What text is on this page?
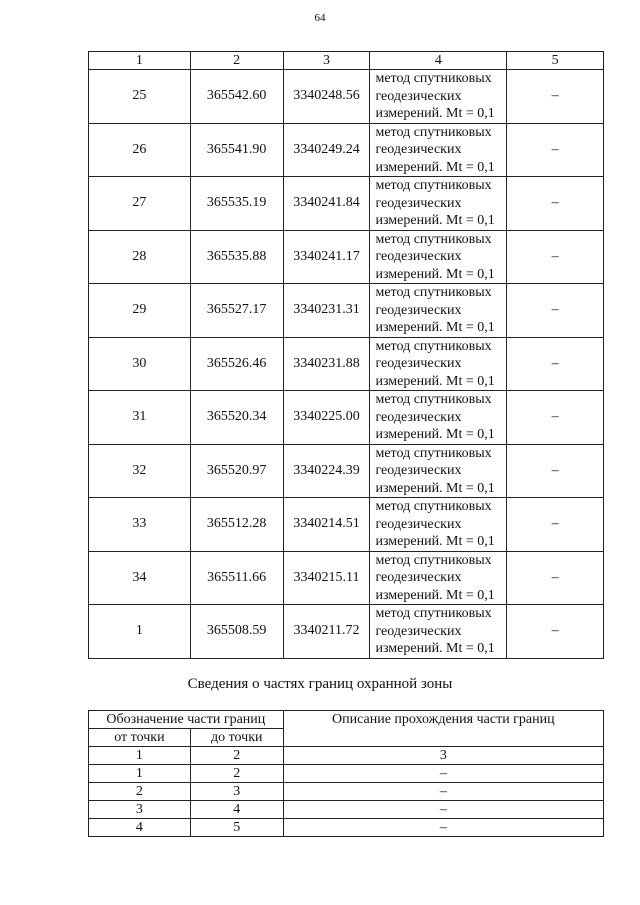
64
1	2	3	4	5
25	365542.60	3340248.56	метод спутниковых
геодезических
измерений. Mt = 0,1	–
26	365541.90	3340249.24	метод спутниковых
геодезических
измерений. Mt = 0,1	–
27	365535.19	3340241.84	метод спутниковых
геодезических
измерений. Mt = 0,1	–
28	365535.88	3340241.17	метод спутниковых
геодезических
измерений. Mt = 0,1	–
29	365527.17	3340231.31	метод спутниковых
геодезических
измерений. Mt = 0,1	–
30	365526.46	3340231.88	метод спутниковых
геодезических
измерений. Mt = 0,1	–
31	365520.34	3340225.00	метод спутниковых
геодезических
измерений. Mt = 0,1	–
32	365520.97	3340224.39	метод спутниковых
геодезических
измерений. Mt = 0,1	–
33	365512.28	3340214.51	метод спутниковых
геодезических
измерений. Mt = 0,1	–
34	365511.66	3340215.11	метод спутниковых
геодезических
измерений. Mt = 0,1	–
1	365508.59	3340211.72	метод спутниковых
геодезических
измерений. Mt = 0,1	–
Сведения о частях границ охранной зоны
Обозначение части границ		Описание прохождения части границ
от точки	до точки	
1	2	3
1	2	–
2	3	–
3	4	–
4	5	–
